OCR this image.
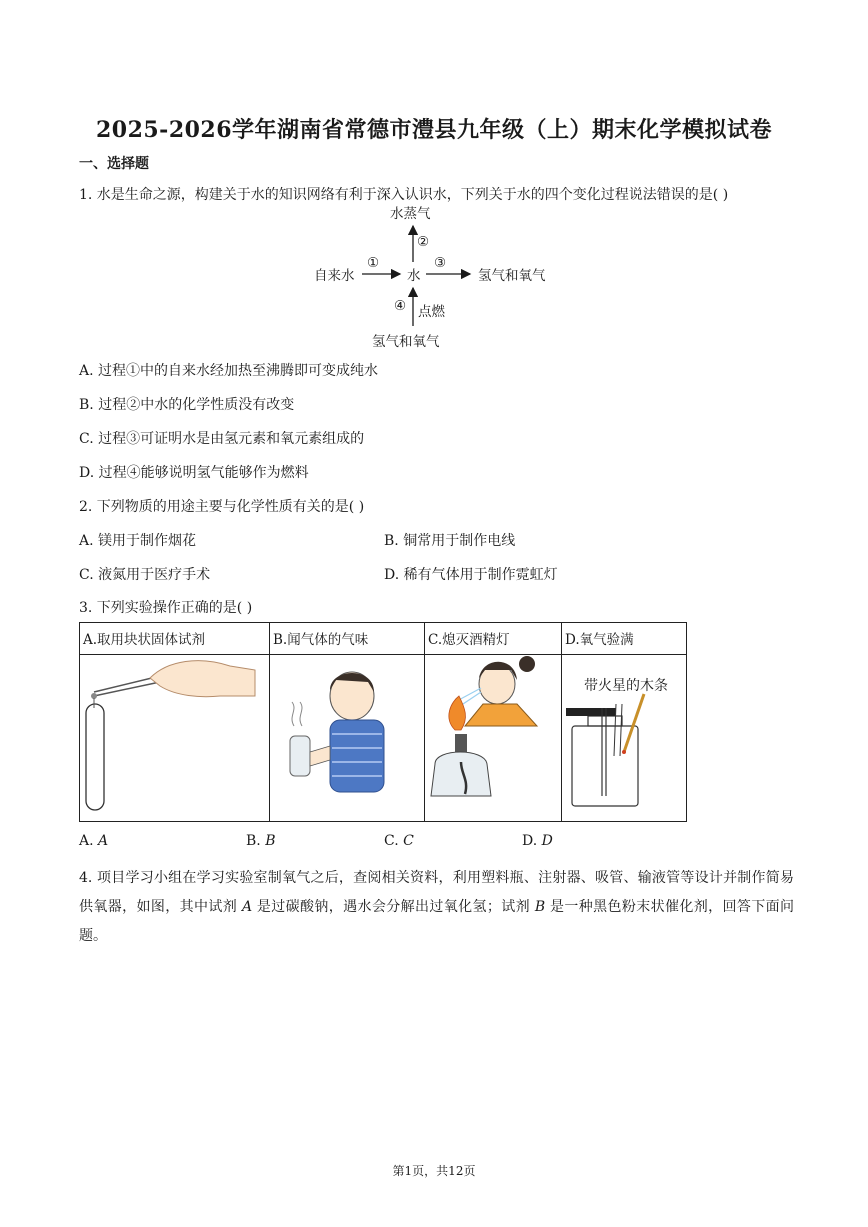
2025-2026学年湖南省常德市澧县九年级（上）期末化学模拟试卷
一、选择题
1. 水是生命之源，构建关于水的知识网络有利于深入认识水，下列关于水的四个变化过程说法错误的是( )
水蒸气
自来水	水	氢气和氧气
氢气和氧气
①
②
③
④ 点燃
A. 过程①中的自来水经加热至沸腾即可变成纯水
B. 过程②中水的化学性质没有改变
C. 过程③可证明水是由氢元素和氧元素组成的
D. 过程④能够说明氢气能够作为燃料
2. 下列物质的用途主要与化学性质有关的是( )
A. 镁用于制作烟花	B. 铜常用于制作电线
C. 液氮用于医疗手术	D. 稀有气体用于制作霓虹灯
3. 下列实验操作正确的是( )
A.取用块状固体试剂	B.闻气体的气味	C.熄灭酒精灯	D.氧气验满
带火星的木条
A. A	B. B	C. C	D. D
4. 项目学习小组在学习实验室制氧气之后，查阅相关资料，利用塑料瓶、注射器、吸管、输液管等设计并制作简易供氧器，如图，其中试剂 A 是过碳酸钠，遇水会分解出过氧化氢；试剂 B 是一种黑色粉末状催化剂，回答下面问题。
第1页，共12页
